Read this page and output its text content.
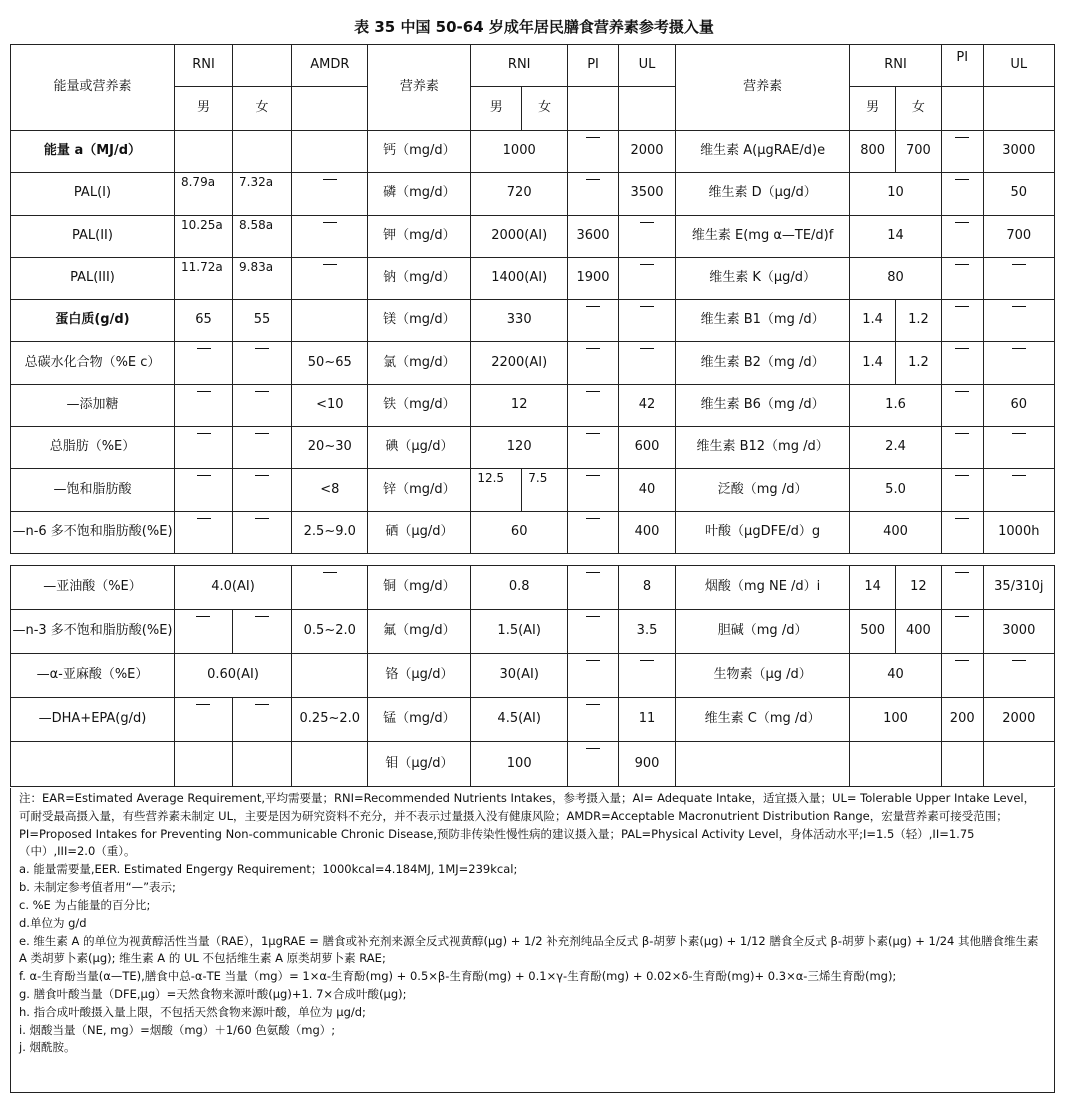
表 35 中国 50-64 岁成年居民膳食营养素参考摄入量
能量或营养素	RNI		AMDR	营养素	RNI		PI	UL	营养素	RNI		PI	UL
	男	女			男	女				男	女		
能量 a（MJ/d）				钙（mg/d）	1000			2000	维生素 A(μgRAE/d)e	800	700		3000
PAL(I)	8.79a	7.32a		磷（mg/d）	720			3500	维生素 D（μg/d）	10			50
PAL(II)	10.25a	8.58a		钾（mg/d）	2000(AI)		3600		维生素 E(mg α—TE/d)f	14			700
PAL(III)	11.72a	9.83a		钠（mg/d）	1400(AI)		1900		维生素 K（μg/d）	80		

蛋白质(g/d)	65	55		镁（mg/d）	330				维生素 B1（mg /d）	1.4	1.2	

总碳水化合物（%E c）			50~65	氯（mg/d）	2200(AI)				维生素 B2（mg /d）	1.4	1.2	

—添加糖			<10	铁（mg/d）	12			42	维生素 B6（mg /d）	1.6			60
总脂肪（%E）			20~30	碘（μg/d）	120			600	维生素 B12（mg /d）	2.4		

—饱和脂肪酸			<8	锌（mg/d）	12.5	7.5		40	泛酸（mg /d）	5.0		

—n-6 多不饱和脂肪酸(%E)			2.5~9.0	硒（μg/d）	60			400	叶酸（μgDFE/d）g	400			1000h
—亚油酸（%E）	4.0(AI)			铜（mg/d）	0.8		8	烟酸（mg NE /d）i	14	12		35/310j
—n-3 多不饱和脂肪酸(%E)			0.5~2.0	氟（mg/d）	1.5(AI)		3.5	胆碱（mg /d）	500	400		3000
—α-亚麻酸（%E）	0.60(AI)			铬（μg/d）	30(AI)			生物素（μg /d）	40		

—DHA+EPA(g/d)			0.25~2.0	锰（mg/d）	4.5(AI)		11	维生素 C（mg /d）	100		200	2000
				钼（μg/d）	100		900					

注：EAR=Estimated Average Requirement,平均需要量；RNI=Recommended Nutrients Intakes，参考摄入量；AI= Adequate Intake，适宜摄入量；UL= Tolerable Upper Intake Level，可耐受最高摄入量，有些营养素未制定 UL，主要是因为研究资料不充分，并不表示过量摄入没有健康风险；AMDR=Acceptable Macronutrient Distribution Range，宏量营养素可接受范围；PI=Proposed Intakes for Preventing Non-communicable Chronic Disease,预防非传染性慢性病的建议摄入量；PAL=Physical Activity Level，身体活动水平;I=1.5（轻）,II=1.75（中）,III=2.0（重）。

a. 能量需要量,EER. Estimated Engergy Requirement；1000kcal=4.184MJ, 1MJ=239kcal;

b. 未制定参考值者用“—”表示;

c. %E 为占能量的百分比;

d.单位为 g/d

e. 维生素 A 的单位为视黄醇活性当量（RAE），1μgRAE = 膳食或补充剂来源全反式视黄醇(μg) + 1/2 补充剂纯品全反式 β-胡萝卜素(μg) + 1/12 膳食全反式 β-胡萝卜素(μg) + 1/24 其他膳食维生素 A 类胡萝卜素(μg); 维生素 A 的 UL 不包括维生素 A 原类胡萝卜素 RAE;

f. α-生育酚当量(α—TE),膳食中总-α-TE 当量（mg）= 1×α-生育酚(mg) + 0.5×β-生育酚(mg) + 0.1×γ-生育酚(mg) + 0.02×δ-生育酚(mg)+ 0.3×α-三烯生育酚(mg);

g. 膳食叶酸当量（DFE,μg）=天然食物来源叶酸(μg)+1. 7×合成叶酸(μg);

h. 指合成叶酸摄入量上限，不包括天然食物来源叶酸，单位为 μg/d;

i. 烟酸当量（NE, mg）=烟酸（mg）＋1/60 色氨酸（mg）;

j. 烟酰胺。
